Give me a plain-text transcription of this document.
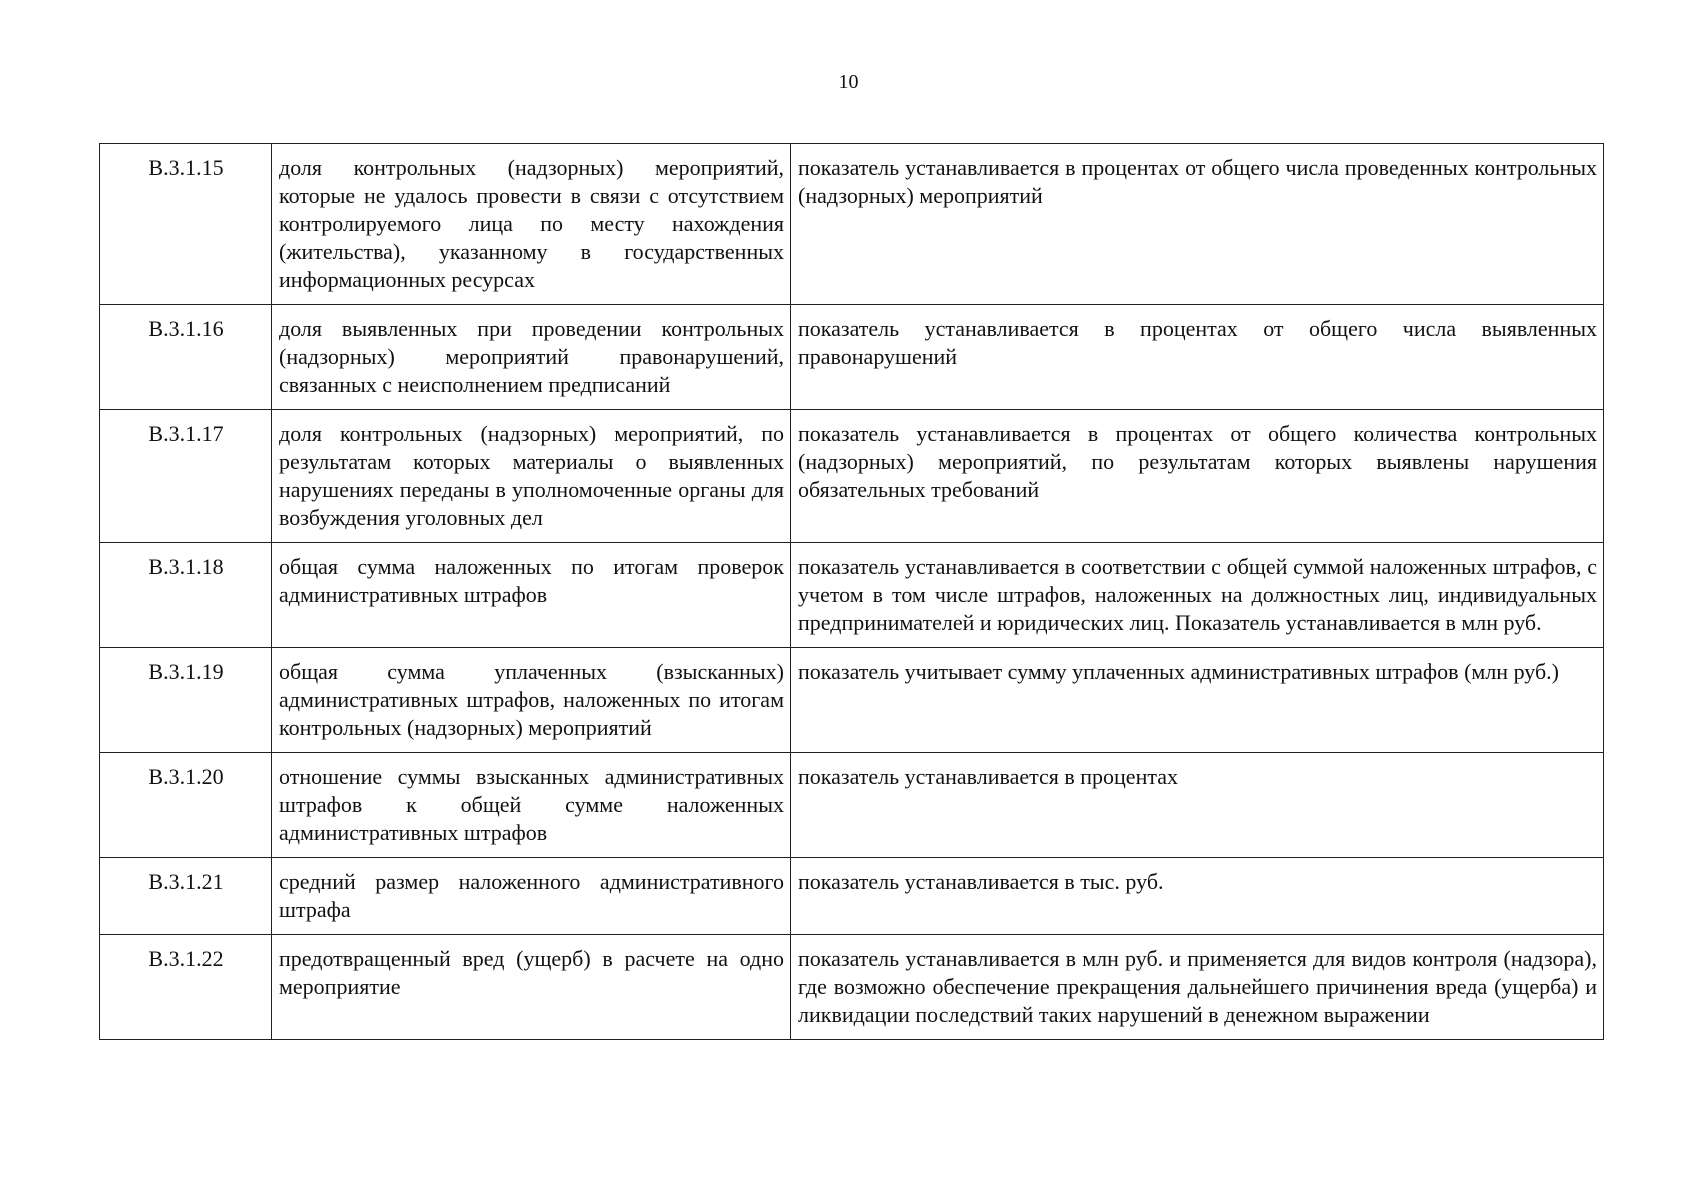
10
В.3.1.15	доля контрольных (надзорных) мероприятий, которые не удалось провести в связи с отсутствием контролируемого лица по месту нахождения (жительства), указанному в государственных информационных ресурсах	показатель устанавливается в процентах от общего числа проведенных контрольных (надзорных) мероприятий
В.3.1.16	доля выявленных при проведении контрольных (надзорных) мероприятий правонарушений, связанных с неисполнением предписаний	показатель устанавливается в процентах от общего числа выявленных правонарушений
В.3.1.17	доля контрольных (надзорных) мероприятий, по результатам которых материалы о выявленных нарушениях переданы в уполномоченные органы для возбуждения уголовных дел	показатель устанавливается в процентах от общего количества контрольных (надзорных) мероприятий, по результатам которых выявлены нарушения обязательных требований
В.3.1.18	общая сумма наложенных по итогам проверок административных штрафов	показатель устанавливается в соответствии с общей суммой наложенных штрафов, с учетом в том числе штрафов, наложенных на должностных лиц, индивидуальных предпринимателей и юридических лиц. Показатель устанавливается в млн руб.
В.3.1.19	общая сумма уплаченных (взысканных) административных штрафов, наложенных по итогам контрольных (надзорных) мероприятий	показатель учитывает сумму уплаченных административных штрафов (млн руб.)
В.3.1.20	отношение суммы взысканных административных штрафов к общей сумме наложенных административных штрафов	показатель устанавливается в процентах
В.3.1.21	средний размер наложенного административного штрафа	показатель устанавливается в тыс. руб.
В.3.1.22	предотвращенный вред (ущерб) в расчете на одно мероприятие	показатель устанавливается в млн руб. и применяется для видов контроля (надзора), где возможно обеспечение прекращения дальнейшего причинения вреда (ущерба) и ликвидации последствий таких нарушений в денежном выражении
